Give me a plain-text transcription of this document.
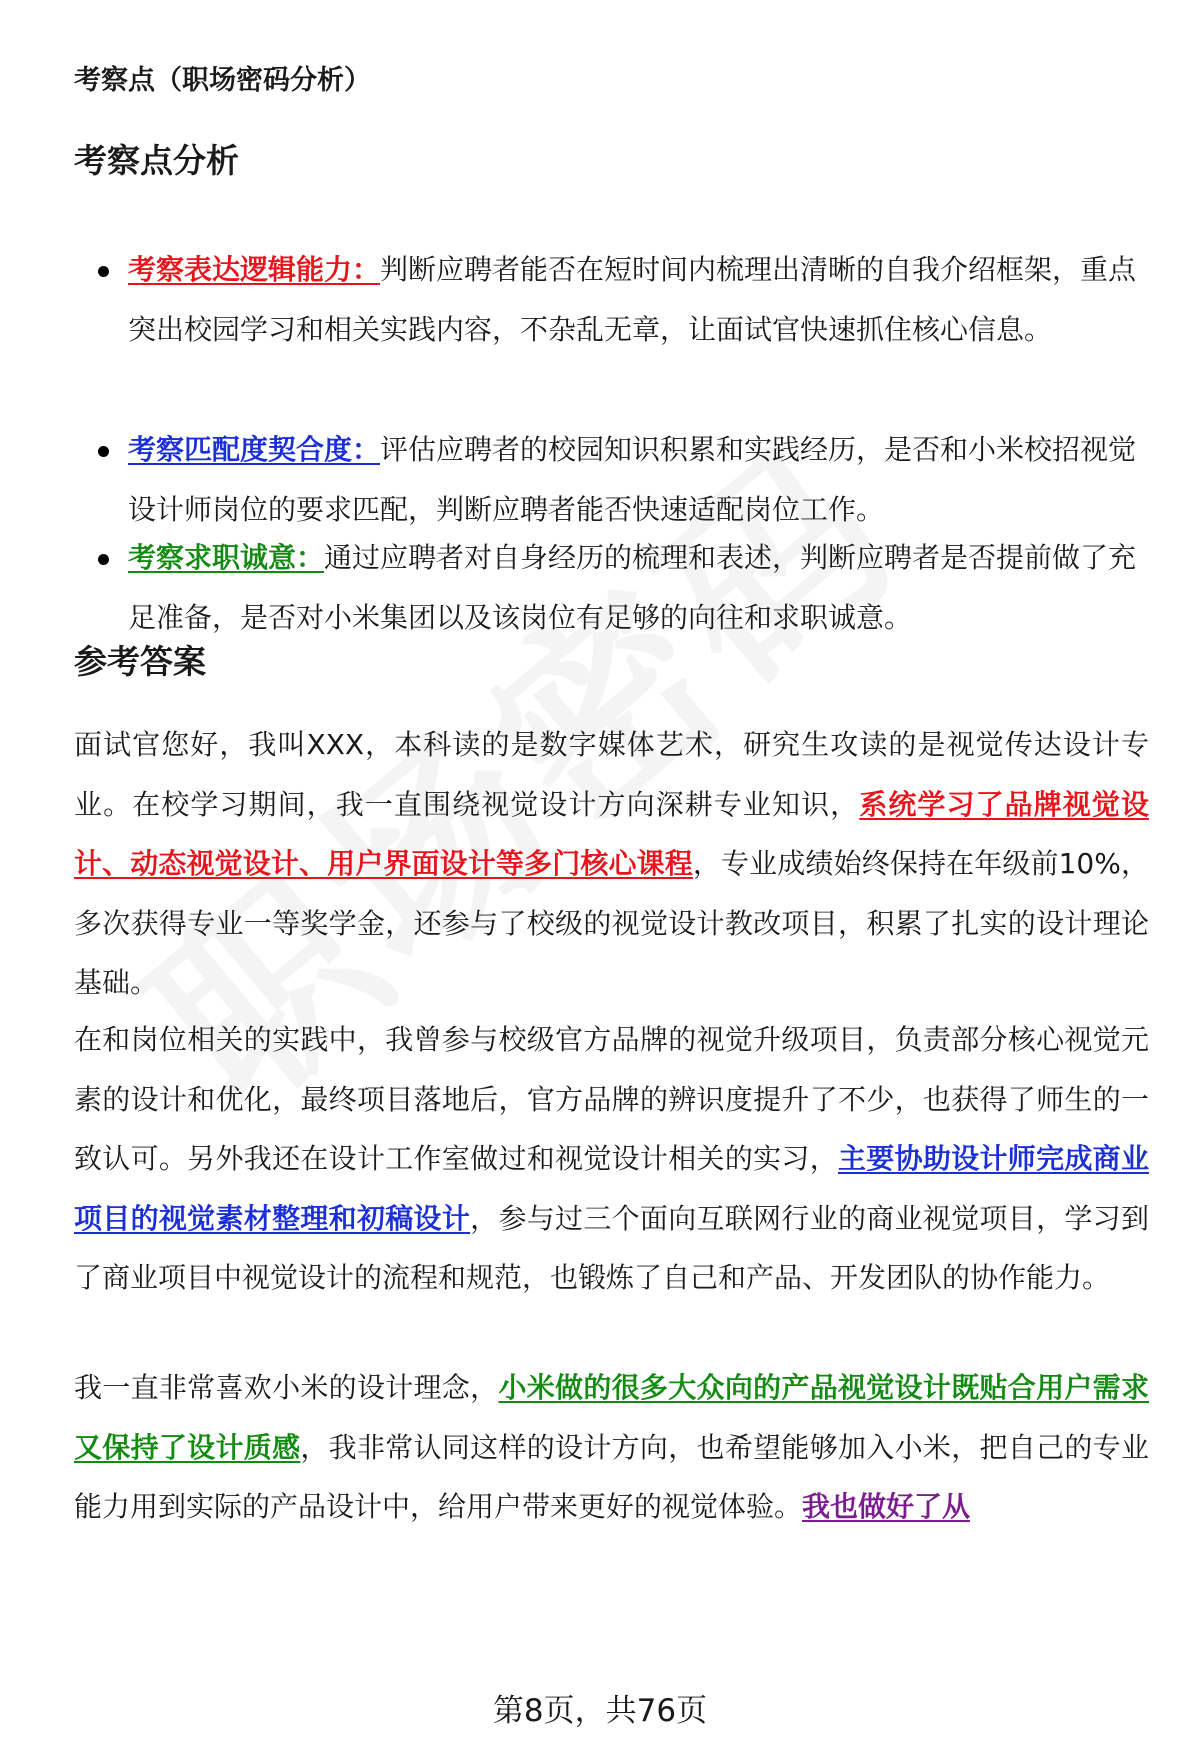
考察点（职场密码分析）

考察点分析

考察表达逻辑能力：判断应聘者能否在短时间内梳理出清晰的自我介绍框架，重点突出校园学习和相关实践内容，不杂乱无章，让面试官快速抓住核心信息。
考察匹配度契合度：评估应聘者的校园知识积累和实践经历，是否和小米校招视觉设计师岗位的要求匹配，判断应聘者能否快速适配岗位工作。
考察求职诚意：通过应聘者对自身经历的梳理和表述，判断应聘者是否提前做了充足准备，是否对小米集团以及该岗位有足够的向往和求职诚意。

参考答案

面试官您好，我叫XXX，本科读的是数字媒体艺术，研究生攻读的是视觉传达设计专业。在校学习期间，我一直围绕视觉设计方向深耕专业知识，系统学习了品牌视觉设计、动态视觉设计、用户界面设计等多门核心课程，专业成绩始终保持在年级前10%，多次获得专业一等奖学金，还参与了校级的视觉设计教改项目，积累了扎实的设计理论基础。

在和岗位相关的实践中，我曾参与校级官方品牌的视觉升级项目，负责部分核心视觉元素的设计和优化，最终项目落地后，官方品牌的辨识度提升了不少，也获得了师生的一致认可。另外我还在设计工作室做过和视觉设计相关的实习，主要协助设计师完成商业项目的视觉素材整理和初稿设计，参与过三个面向互联网行业的商业视觉项目，学习到了商业项目中视觉设计的流程和规范，也锻炼了自己和产品、开发团队的协作能力。

我一直非常喜欢小米的设计理念，小米做的很多大众向的产品视觉设计既贴合用户需求又保持了设计质感，我非常认同这样的设计方向，也希望能够加入小米，把自己的专业能力用到实际的产品设计中，给用户带来更好的视觉体验。我也做好了从

第8页，共76页
